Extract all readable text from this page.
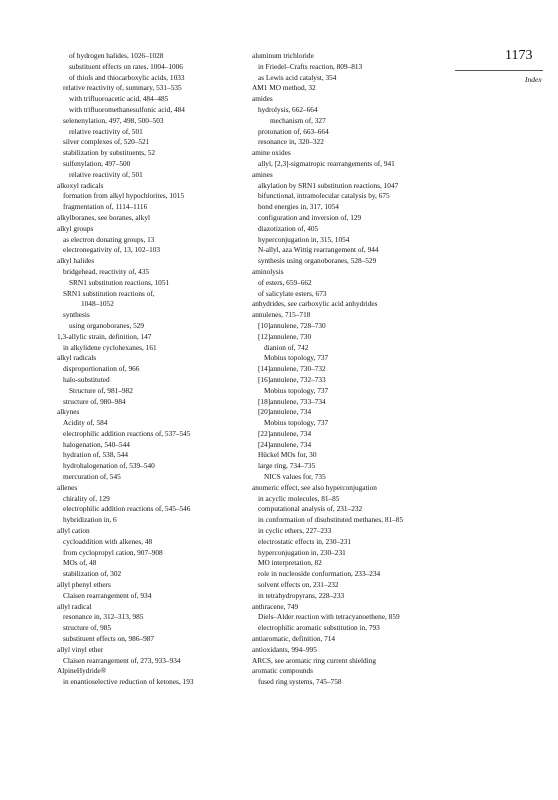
1173
Index
of hydrogen halides, 1026–1028
substituent effects on rates, 1004–1006
of thiols and thiocarboxylic acids, 1033
relative reactivity of, summary, 531–535
with trifluoroacetic acid, 484–485
with trifluoromethanesulfonic acid, 484
selenenylation, 497, 498, 500–503
relative reactivity of, 501
silver complexes of, 520–521
stabilization by substituents, 52
sulfenylation, 497–500
relative reactivity of, 501
alkoxyl radicals
formation from alkyl hypochlorites, 1015
fragmentation of, 1114–1116
alkylboranes, see boranes, alkyl
alkyl groups
as electron donating groups, 13
electronegativity of, 13, 102–103
alkyl halides
bridgehead, reactivity of, 435
SRN1 substitution reactions, 1051
SRN1 substitution reactions of,
1048–1052
synthesis
using organoboranes, 529
1,3-allylic strain, definition, 147
in alkylidene cyclohexanes, 161
alkyl radicals
disproportionation of, 966
halo-substituted
Structure of, 981–982
structure of, 980–984
alkynes
Acidity of, 584
electrophilic addition reactions of, 537–545
halogenation, 540–544
hydration of, 538, 544
hydrohalogenation of, 539–540
mercuration of, 545
allenes
chirality of, 129
electrophilic addition reactions of, 545–546
hybridization in, 6
allyl cation
cycloaddition with alkenes, 48
from cyclopropyl cation, 907–908
MOs of, 48
stabilization of, 302
allyl phenyl ethers
Claisen rearrangement of, 934
allyl radical
resonance in, 312–313, 985
structure of, 985
substituent effects on, 986–987
allyl vinyl ether
Claisen rearrangement of, 273, 933–934
AlpineHydride®
in enantioselective reduction of ketones, 193
aluminum trichloride
in Friedel–Crafts reaction, 809–813
as Lewis acid catalyst, 354
AM1 MO method, 32
amides
hydrolysis, 662–664
mechanism of, 327
protonation of, 663–664
resonance in, 320–322
amine oxides
allyl, [2,3]-sigmatropic rearrangements of, 941
amines
alkylation by SRN1 substitution reactions, 1047
bifunctional, intramolecular catalysis by, 675
bond energies in, 317, 1054
configuration and inversion of, 129
diazotization of, 405
hyperconjugation in, 315, 1054
N-allyl, aza Wittig rearrangement of, 944
synthesis using organoboranes, 528–529
aminolysis
of esters, 659–662
of salicylate esters, 673
anhydrides, see carboxylic acid anhydrides
annulenes, 715–718
[10]annulene, 728–730
[12]annulene, 730
dianion of, 742
Mobius topology, 737
[14]annulene, 730–732
[16]annulene, 732–733
Mobius topology, 737
[18]annulene, 733–734
[20]annulene, 734
Mobius topology, 737
[22]annulene, 734
[24]annulene, 734
Hückel MOs for, 30
large ring, 734–735
NICS values for, 735
anomeric effect, see also hyperconjugation
in acyclic molecules, 81–85
computational analysis of, 231–232
in conformation of disubstituted methanes, 81–85
in cyclic ethers, 227–233
electrostatic effects in, 230–231
hyperconjugation in, 230–231
MO interpretation, 82
role in nucleoside conformation, 233–234
solvent effects on, 231–232
in tetrahydropyrans, 228–233
anthracene, 749
Diels–Alder reaction with tetracyanoethene, 859
electrophilic aromatic substitution in, 793
antiaromatic, definition, 714
antioxidants, 994–995
ARCS, see aromatic ring current shielding
aromatic compounds
fused ring systems, 745–758
